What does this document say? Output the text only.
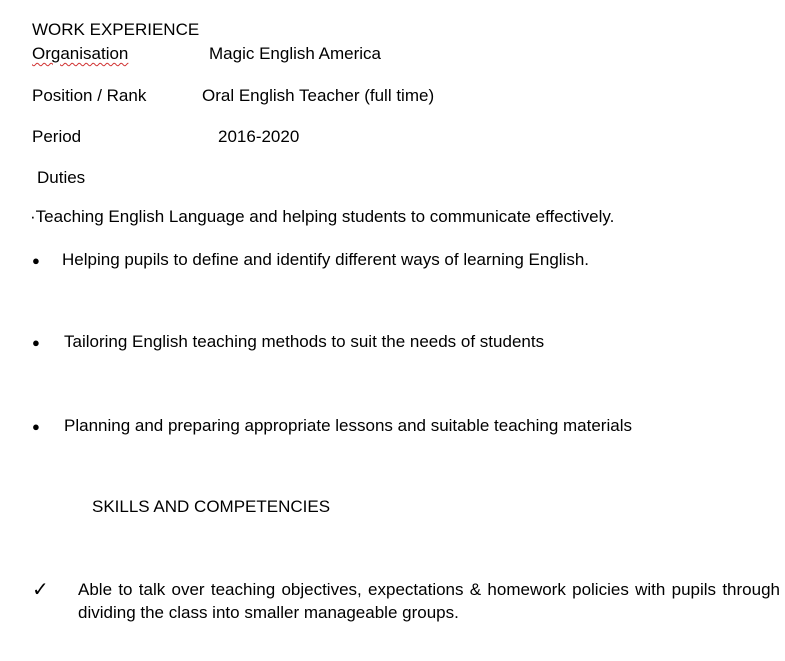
WORK EXPERIENCE
Organisation	Magic English America
Position / Rank	Oral English Teacher (full time)
Period	2016-2020
Duties
·Teaching English Language and helping students to communicate effectively.
● Helping pupils to define and identify different ways of learning English.
● Tailoring English teaching methods to suit the needs of students
● Planning and preparing appropriate lessons and suitable teaching materials
SKILLS AND COMPETENCIES
✓ Able to talk over teaching objectives, expectations & homework policies with pupils through dividing the class into smaller manageable groups.
